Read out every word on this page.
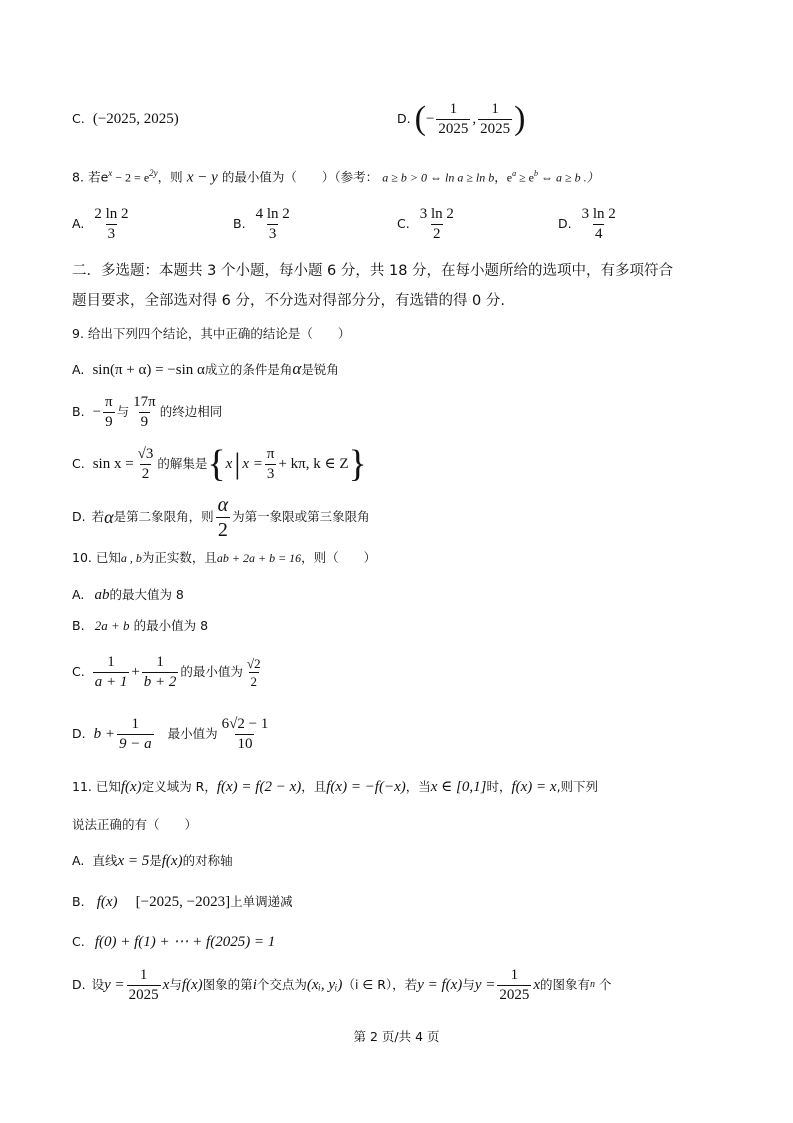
C. (−2025, 2025)	D. ( − $\frac{1}{2025}$ , $\frac{1}{2025}$ )
8. 若$e^x - 2 = e^{2y}$，则 x − y 的最小值为（　　）（参考： a ≥ b > 0 ⇔ ln a ≥ ln b，$e^a \ge e^b$ ⇔ a ≥ b .）
A. $\frac{2 \ln 2}{3}$	B. $\frac{4 \ln 2}{3}$	C. $\frac{3 \ln 2}{2}$	D. $\frac{3 \ln 2}{4}$
二．多选题：本题共 3 个小题，每小题 6 分，共 18 分，在每小题所给的选项中，有多项符合
题目要求，全部选对得 6 分，不分选对得部分分，有选错的得 0 分.
9. 给出下列四个结论，其中正确的结论是（　　）
A. sin(π + α) = −sin α成立的条件是角α是锐角
B. − $\frac{\pi}{9}$ 与 $\frac{17\pi}{9}$ 的终边相同
C. $\sin x = \frac{√3}{2}$ 的解集是 { x | $x = \frac{\pi}{3} + k\pi$, k ∈ Z }
D. 若 α 是第二象限角，则 $\frac{\alpha}{2}$ 为第一象限或第三象限角
10. 已知a , b为正实数，且ab + 2a + b = 16，则（　　）
A. ab的最大值为 8
B. 2a + b 的最小值为 8
C. $\frac{1}{a + 1} + \frac{1}{b + 2}$ 的最小值为 $\frac{√2}{2}$
D. $b + \frac{1}{9 - a}$ 最小值为 $\frac{6√2 - 1}{10}$
11. 已知f(x)定义域为 R，f(x) = f(2 − x)，且f(x) = −f(−x)，当x ∈ [0,1]时，f(x) = x,则下列
说法正确的有（　　）
A. 直线x = 5是f(x)的对称轴
B. f(x) [−2025, −2023]上单调递减
C. f(0) + f(1) + ⋯ + f(2025) = 1
D. 设 $y = \frac{1}{2025}$ x 与 f(x) 图象的第 i 个交点为 (xᵢ, yᵢ) （i ∈ R），若 y = f(x) 与 $y = \frac{1}{2025}$ x 的图象有 n 个
第 2 页/共 4 页
